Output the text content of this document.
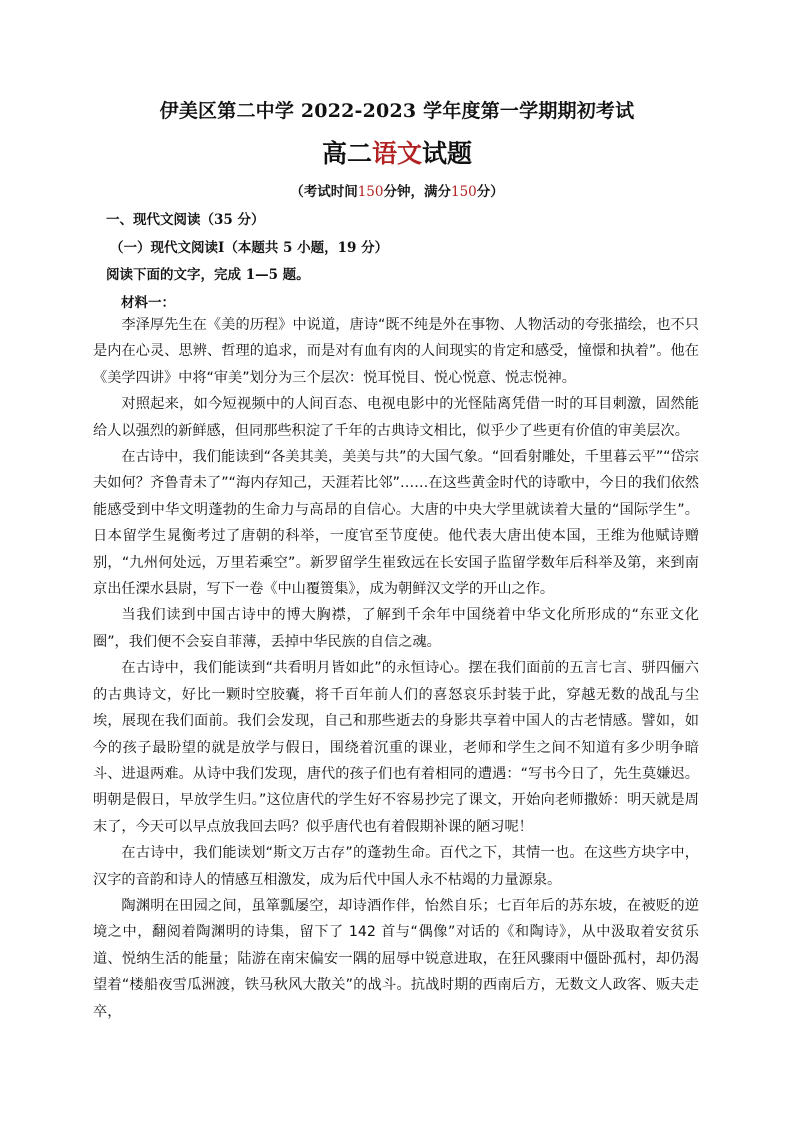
伊美区第二中学 2022-2023 学年度第一学期期初考试
高二语文试题
（考试时间150分钟，满分150分）
一、现代文阅读（35 分）
（一）现代文阅读Ⅰ（本题共 5 小题，19 分）
阅读下面的文字，完成 1—5 题。
材料一：

李泽厚先生在《美的历程》中说道，唐诗“既不纯是外在事物、人物活动的夸张描绘，也不只是内在心灵、思辨、哲理的追求，而是对有血有肉的人间现实的肯定和感受，憧憬和执着”。他在《美学四讲》中将“审美”划分为三个层次：悦耳悦目、悦心悦意、悦志悦神。

对照起来，如今短视频中的人间百态、电视电影中的光怪陆离凭借一时的耳目刺激，固然能给人以强烈的新鲜感，但同那些积淀了千年的古典诗文相比，似乎少了些更有价值的审美层次。

在古诗中，我们能读到“各美其美，美美与共”的大国气象。“回看射雕处，千里暮云平”“岱宗夫如何？齐鲁青未了”“海内存知己，天涯若比邻”……在这些黄金时代的诗歌中，今日的我们依然能感受到中华文明蓬勃的生命力与高昂的自信心。大唐的中央大学里就读着大量的“国际学生”。日本留学生晁衡考过了唐朝的科举，一度官至节度使。他代表大唐出使本国，王维为他赋诗赠别，“九州何处远，万里若乘空”。新罗留学生崔致远在长安国子监留学数年后科举及第，来到南京出任溧水县尉，写下一卷《中山覆篑集》，成为朝鲜汉文学的开山之作。

当我们读到中国古诗中的博大胸襟，了解到千余年中国绕着中华文化所形成的“东亚文化圈”，我们便不会妄自菲薄，丢掉中华民族的自信之魂。

在古诗中，我们能读到“共看明月皆如此”的永恒诗心。摆在我们面前的五言七言、骈四俪六的古典诗文，好比一颗时空胶囊，将千百年前人们的喜怒哀乐封装于此，穿越无数的战乱与尘埃，展现在我们面前。我们会发现，自己和那些逝去的身影共享着中国人的古老情感。譬如，如今的孩子最盼望的就是放学与假日，围绕着沉重的课业，老师和学生之间不知道有多少明争暗斗、进退两难。从诗中我们发现，唐代的孩子们也有着相同的遭遇：“写书今日了，先生莫嫌迟。明朝是假日，早放学生归。”这位唐代的学生好不容易抄完了课文，开始向老师撒娇：明天就是周末了，今天可以早点放我回去吗？似乎唐代也有着假期补课的陋习呢！

在古诗中，我们能读划“斯文万古存”的蓬勃生命。百代之下，其情一也。在这些方块字中，汉字的音韵和诗人的情感互相激发，成为后代中国人永不枯竭的力量源泉。

陶渊明在田园之间，虽箪瓢屡空，却诗酒作伴，怡然自乐；七百年后的苏东坡，在被贬的逆境之中，翻阅着陶渊明的诗集，留下了 142 首与“偶像”对话的《和陶诗》，从中汲取着安贫乐道、悦纳生活的能量；陆游在南宋偏安一隅的屈辱中锐意进取，在狂风骤雨中僵卧孤村，却仍渴望着“楼船夜雪瓜洲渡，铁马秋风大散关”的战斗。抗战时期的西南后方，无数文人政客、贩夫走卒，
